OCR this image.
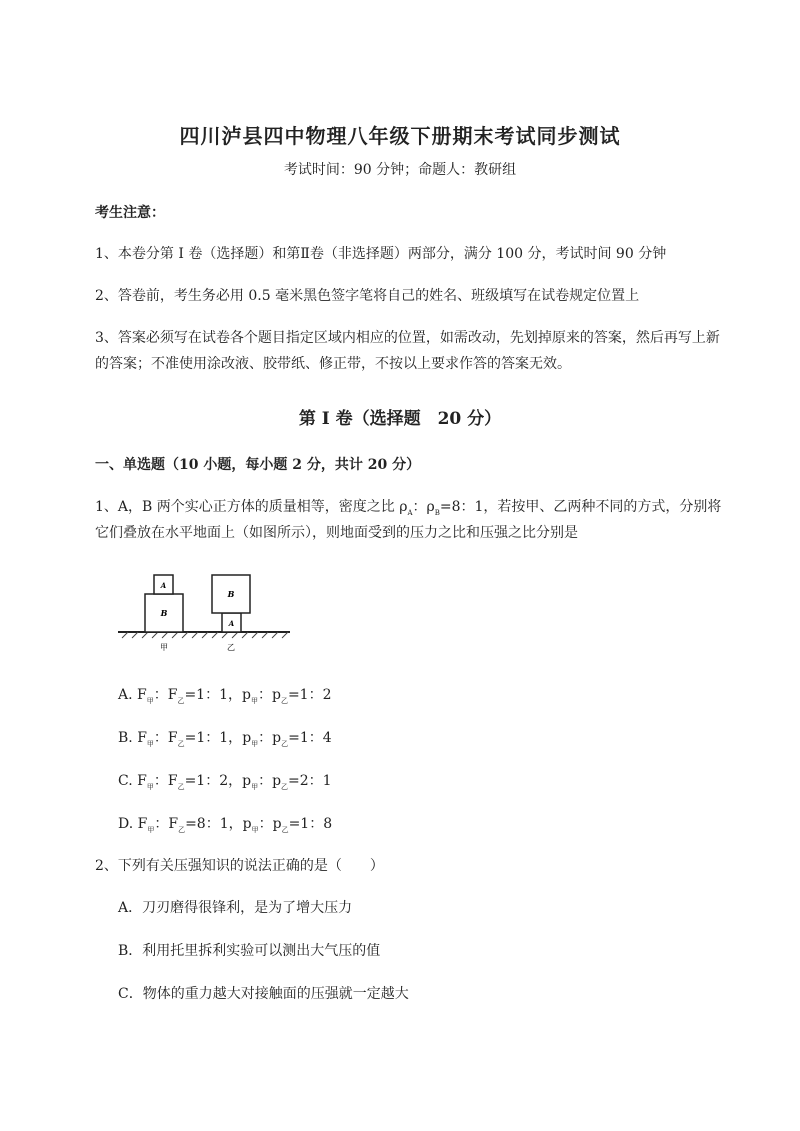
四川泸县四中物理八年级下册期末考试同步测试
考试时间：90 分钟；命题人：教研组
考生注意：
1、本卷分第 I 卷（选择题）和第Ⅱ卷（非选择题）两部分，满分 100 分，考试时间 90 分钟
2、答卷前，考生务必用 0.5 毫米黑色签字笔将自己的姓名、班级填写在试卷规定位置上
3、答案必须写在试卷各个题目指定区域内相应的位置，如需改动，先划掉原来的答案，然后再写上新
的答案；不准使用涂改液、胶带纸、修正带，不按以上要求作答的答案无效。
第 I 卷（选择题　20 分）
一、单选题（10 小题，每小题 2 分，共计 20 分）
1、A，B 两个实心正方体的质量相等，密度之比 $\rho_A$：$\rho_B=8$：1，若按甲、乙两种不同的方式，分别将
它们叠放在水平地面上（如图所示），则地面受到的压力之比和压强之比分别是
B
A
B
A
甲	乙
A. $F_甲$：$F_乙=1$：1，$p_甲$：$p_乙=1$：2
B. $F_甲$：$F_乙=1$：1，$p_甲$：$p_乙=1$：4
C. $F_甲$：$F_乙=1$：2，$p_甲$：$p_乙=2$：1
D. $F_甲$：$F_乙=8$：1，$p_甲$：$p_乙=1$：8
2、下列有关压强知识的说法正确的是（　　）
A．刀刃磨得很锋利，是为了增大压力
B．利用托里拆利实验可以测出大气压的值
C．物体的重力越大对接触面的压强就一定越大
